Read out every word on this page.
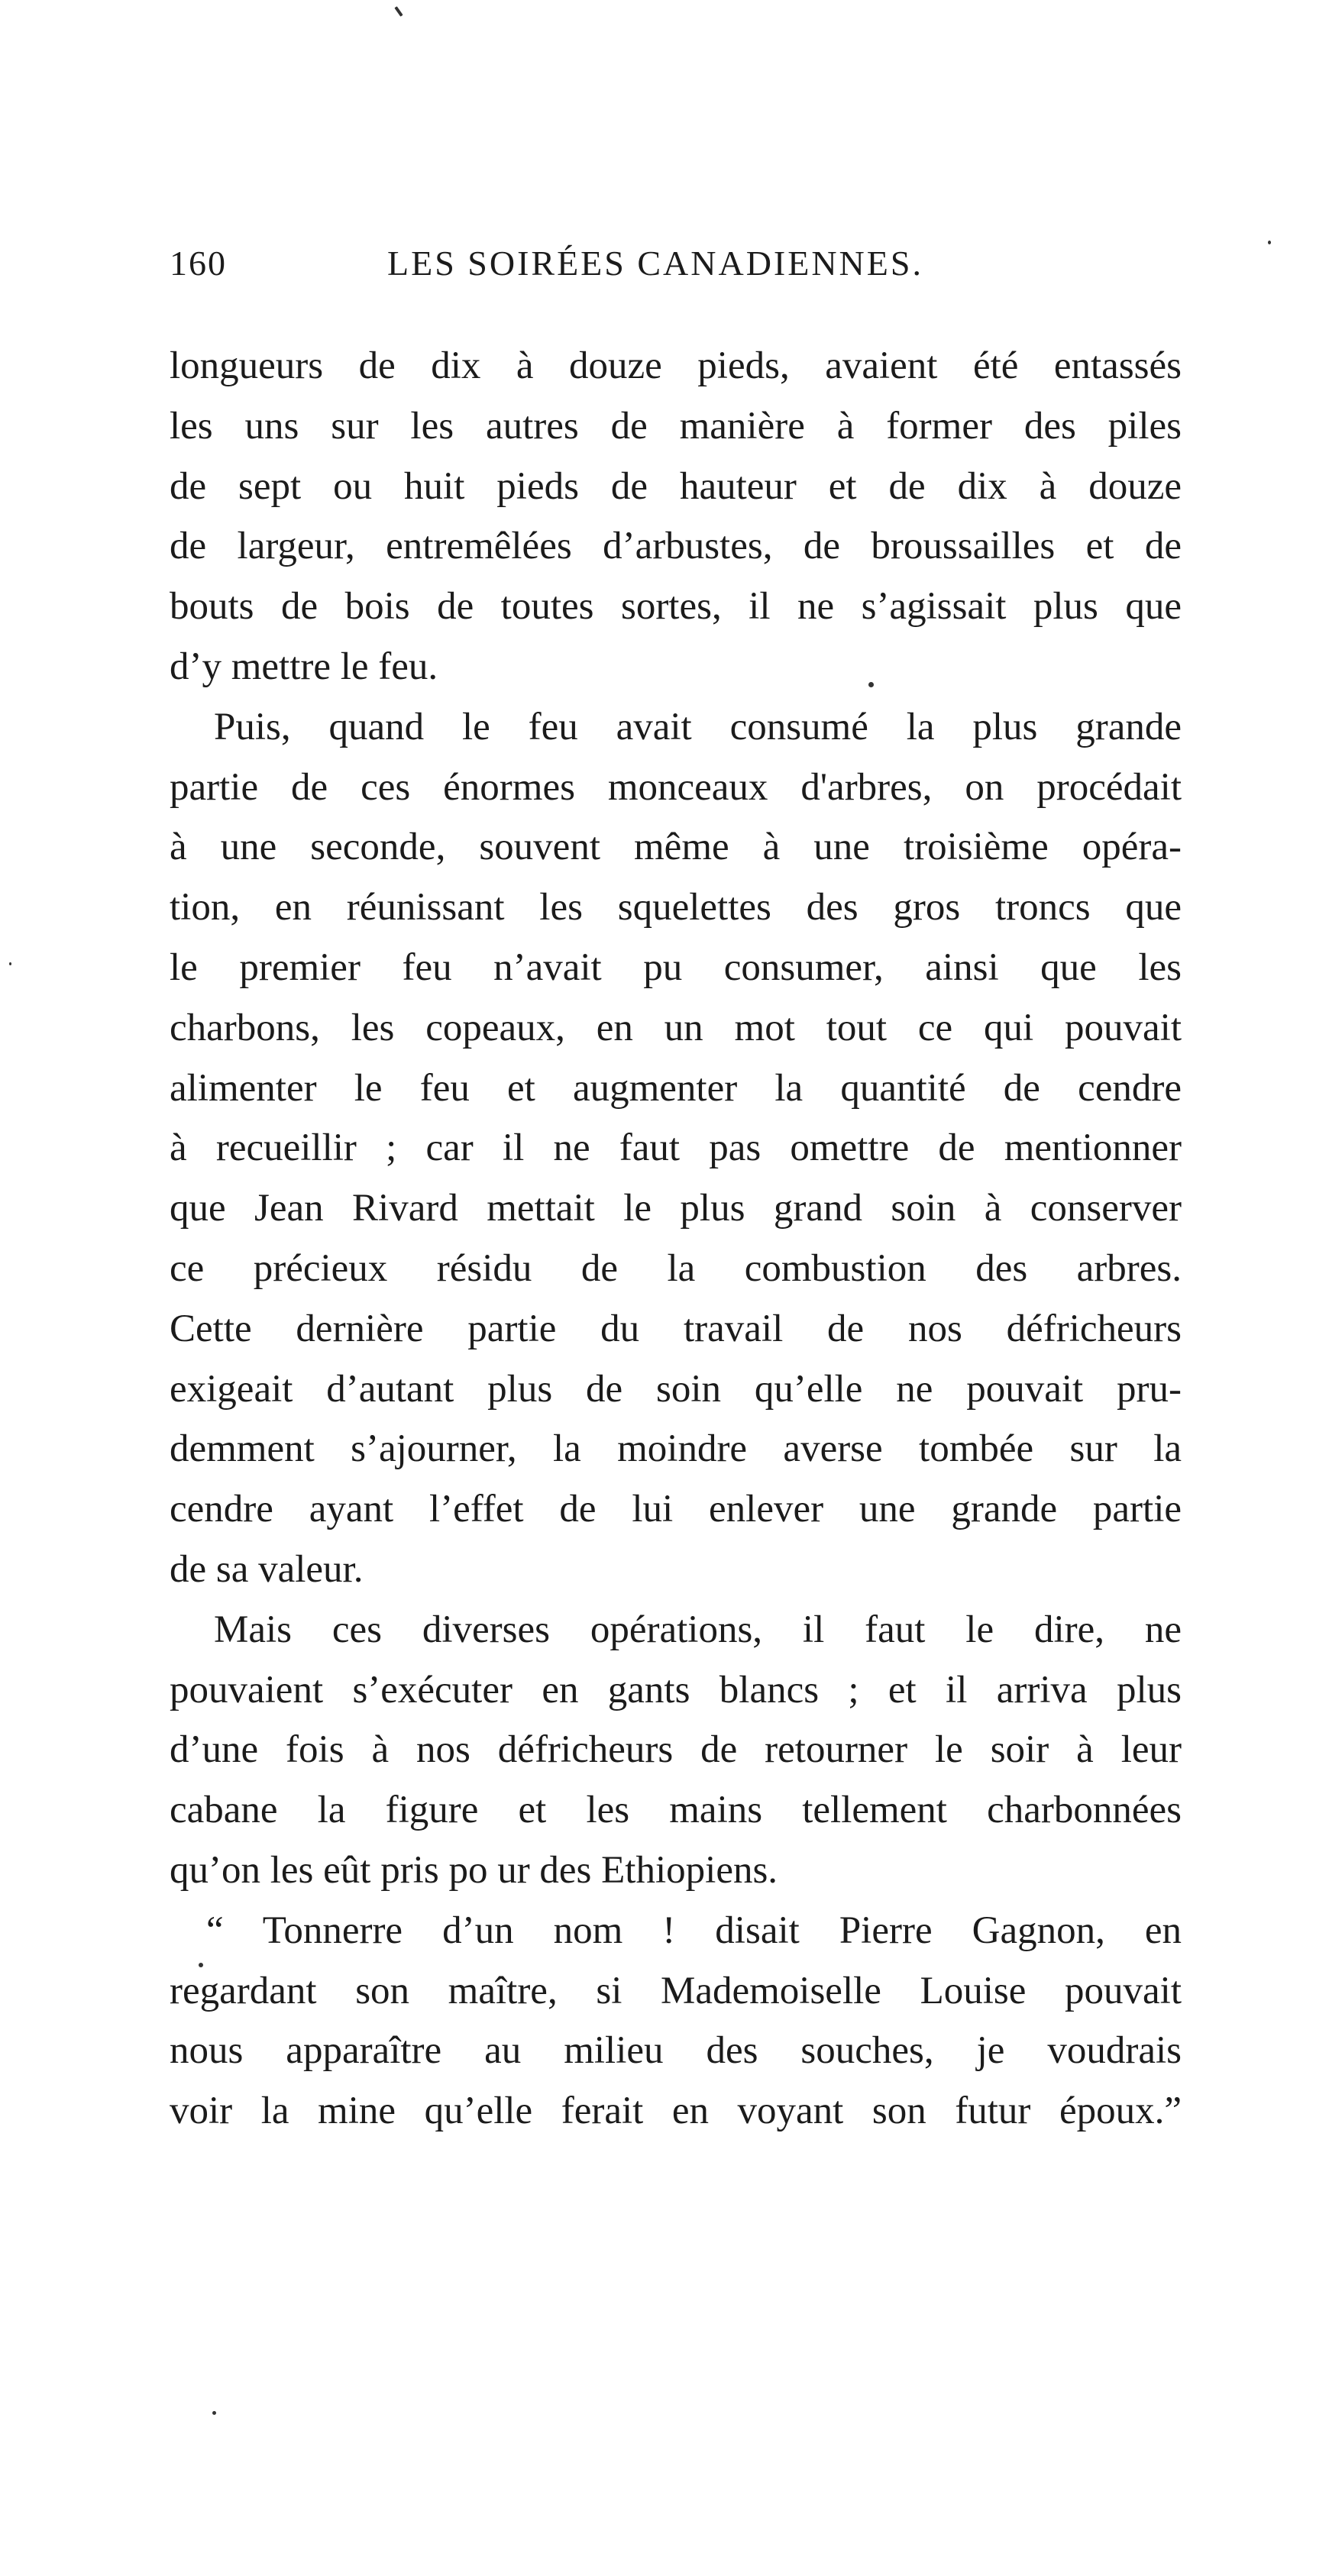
160	LES SOIRÉES CANADIENNES.
longueurs de dix à douze pieds, avaient été entassés
les uns sur les autres de manière à former des piles
de sept ou huit pieds de hauteur et de dix à douze
de largeur, entremêlées d’arbustes, de broussailles et de
bouts de bois de toutes sortes, il ne s’agissait plus que
d’y mettre le feu.
Puis, quand le feu avait consumé la plus grande
partie de ces énormes monceaux d'arbres, on procédait
à une seconde, souvent même à une troisième opéra-
tion, en réunissant les squelettes des gros troncs que
le premier feu n’avait pu consumer, ainsi que les
charbons, les copeaux, en un mot tout ce qui pouvait
alimenter le feu et augmenter la quantité de cendre
à recueillir ; car il ne faut pas omettre de mentionner
que Jean Rivard mettait le plus grand soin à conserver
ce précieux résidu de la combustion des arbres.
Cette dernière partie du travail de nos défricheurs
exigeait d’autant plus de soin qu’elle ne pouvait pru-
demment s’ajourner, la moindre averse tombée sur la
cendre ayant l’effet de lui enlever une grande partie
de sa valeur.
Mais ces diverses opérations, il faut le dire, ne
pouvaient s’exécuter en gants blancs ; et il arriva plus
d’une fois à nos défricheurs de retourner le soir à leur
cabane la figure et les mains tellement charbonnées
qu’on les eût pris po ur des Ethiopiens.
“ Tonnerre d’un nom ! disait Pierre Gagnon, en
regardant son maître, si Mademoiselle Louise pouvait
nous apparaître au milieu des souches, je voudrais
voir la mine qu’elle ferait en voyant son futur époux.”
